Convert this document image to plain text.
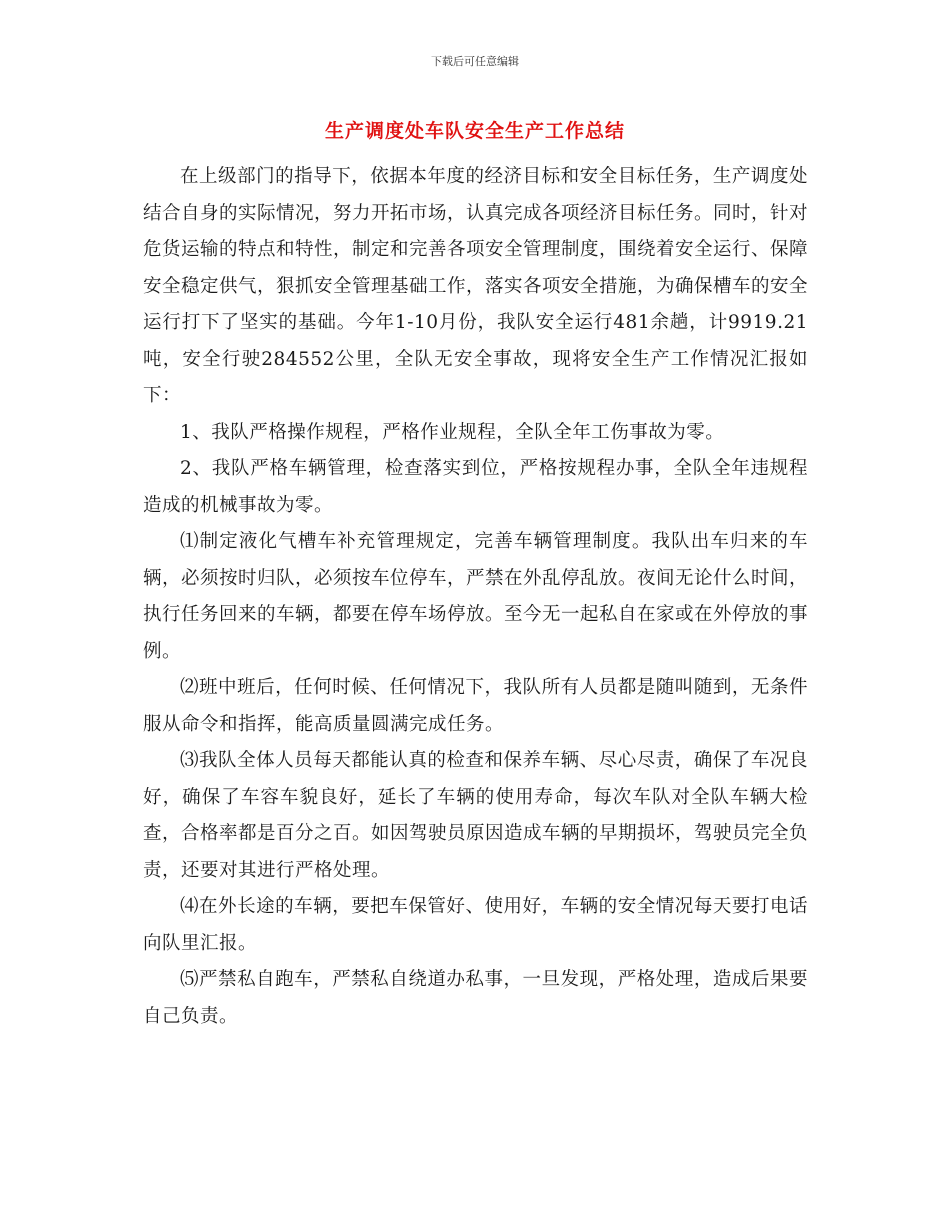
下载后可任意编辑
生产调度处车队安全生产工作总结

在上级部门的指导下，依据本年度的经济目标和安全目标任务，生产调度处结合自身的实际情况，努力开拓市场，认真完成各项经济目标任务。同时，针对危货运输的特点和特性，制定和完善各项安全管理制度，围绕着安全运行、保障安全稳定供气，狠抓安全管理基础工作，落实各项安全措施，为确保槽车的安全运行打下了坚实的基础。今年1-10月份，我队安全运行481余趟，计9919.21吨，安全行驶284552公里，全队无安全事故，现将安全生产工作情况汇报如下：

1、我队严格操作规程，严格作业规程，全队全年工伤事故为零。

2、我队严格车辆管理，检查落实到位，严格按规程办事，全队全年违规程造成的机械事故为零。

⑴制定液化气槽车补充管理规定，完善车辆管理制度。我队出车归来的车辆，必须按时归队，必须按车位停车，严禁在外乱停乱放。夜间无论什么时间，执行任务回来的车辆，都要在停车场停放。至今无一起私自在家或在外停放的事例。

⑵班中班后，任何时候、任何情况下，我队所有人员都是随叫随到，无条件服从命令和指挥，能高质量圆满完成任务。

⑶我队全体人员每天都能认真的检查和保养车辆、尽心尽责，确保了车况良好，确保了车容车貌良好，延长了车辆的使用寿命，每次车队对全队车辆大检查，合格率都是百分之百。如因驾驶员原因造成车辆的早期损坏，驾驶员完全负责，还要对其进行严格处理。

⑷在外长途的车辆，要把车保管好、使用好，车辆的安全情况每天要打电话向队里汇报。

⑸严禁私自跑车，严禁私自绕道办私事，一旦发现，严格处理，造成后果要自己负责。
